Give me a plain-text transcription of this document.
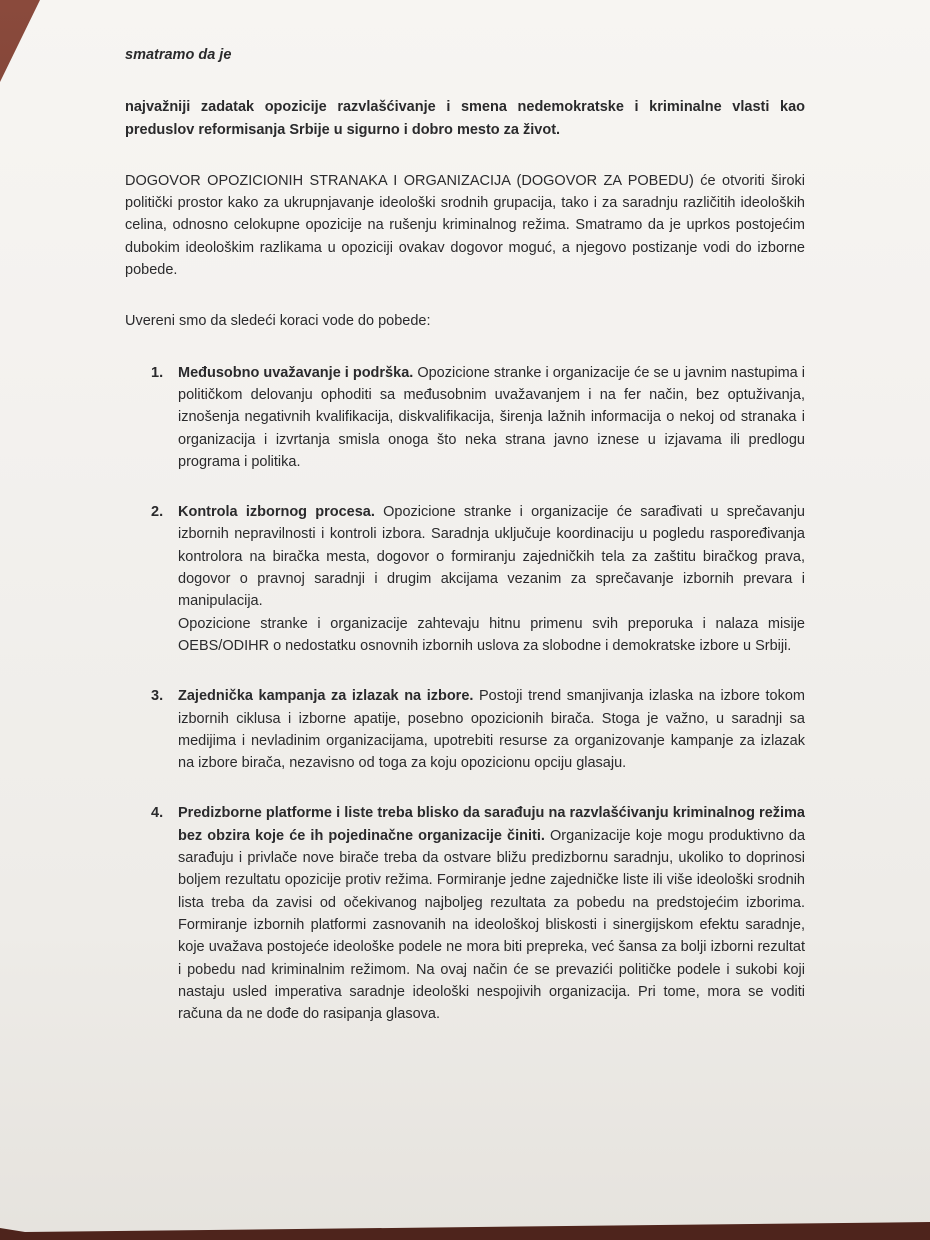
smatramo da je

najvažniji zadatak opozicije razvlašćivanje i smena nedemokratske i kriminalne vlasti kao preduslov reformisanja Srbije u sigurno i dobro mesto za život.

DOGOVOR OPOZICIONIH STRANAKA I ORGANIZACIJA (DOGOVOR ZA POBEDU) će otvoriti široki politički prostor kako za ukrupnjavanje ideološki srodnih grupacija, tako i za saradnju različitih ideoloških celina, odnosno celokupne opozicije na rušenju kriminalnog režima. Smatramo da je uprkos postojećim dubokim ideološkim razlikama u opoziciji ovakav dogovor moguć, a njegovo postizanje vodi do izborne pobede.

Uvereni smo da sledeći koraci vode do pobede:

1. Međusobno uvažavanje i podrška. Opozicione stranke i organizacije će se u javnim nastupima i političkom delovanju ophoditi sa međusobnim uvažavanjem i na fer način, bez optuživanja, iznošenja negativnih kvalifikacija, diskvalifikacija, širenja lažnih informacija o nekoj od stranaka i organizacija i izvrtanja smisla onoga što neka strana javno iznese u izjavama ili predlogu programa i politika.
2. Kontrola izbornog procesa. Opozicione stranke i organizacije će sarađivati u sprečavanju izbornih nepravilnosti i kontroli izbora. Saradnja uključuje koordinaciju u pogledu raspoređivanja kontrolora na biračka mesta, dogovor o formiranju zajedničkih tela za zaštitu biračkog prava, dogovor o pravnoj saradnji i drugim akcijama vezanim za sprečavanje izbornih prevara i manipulacija.
Opozicione stranke i organizacije zahtevaju hitnu primenu svih preporuka i nalaza misije OEBS/ODIHR o nedostatku osnovnih izbornih uslova za slobodne i demokratske izbore u Srbiji.
3. Zajednička kampanja za izlazak na izbore. Postoji trend smanjivanja izlaska na izbore tokom izbornih ciklusa i izborne apatije, posebno opozicionih birača. Stoga je važno, u saradnji sa medijima i nevladinim organizacijama, upotrebiti resurse za organizovanje kampanje za izlazak na izbore birača, nezavisno od toga za koju opozicionu opciju glasaju.
4. Predizborne platforme i liste treba blisko da sarađuju na razvlašćivanju kriminalnog režima bez obzira koje će ih pojedinačne organizacije činiti. Organizacije koje mogu produktivno da sarađuju i privlače nove birače treba da ostvare bližu predizbornu saradnju, ukoliko to doprinosi boljem rezultatu opozicije protiv režima. Formiranje jedne zajedničke liste ili više ideološki srodnih lista treba da zavisi od očekivanog najboljeg rezultata za pobedu na predstojećim izborima. Formiranje izbornih platformi zasnovanih na ideološkoj bliskosti i sinergijskom efektu saradnje, koje uvažava postojeće ideološke podele ne mora biti prepreka, već šansa za bolji izborni rezultat i pobedu nad kriminalnim režimom. Na ovaj način će se prevazići političke podele i sukobi koji nastaju usled imperativa saradnje ideološki nespojivih organizacija. Pri tome, mora se voditi računa da ne dođe do rasipanja glasova.
